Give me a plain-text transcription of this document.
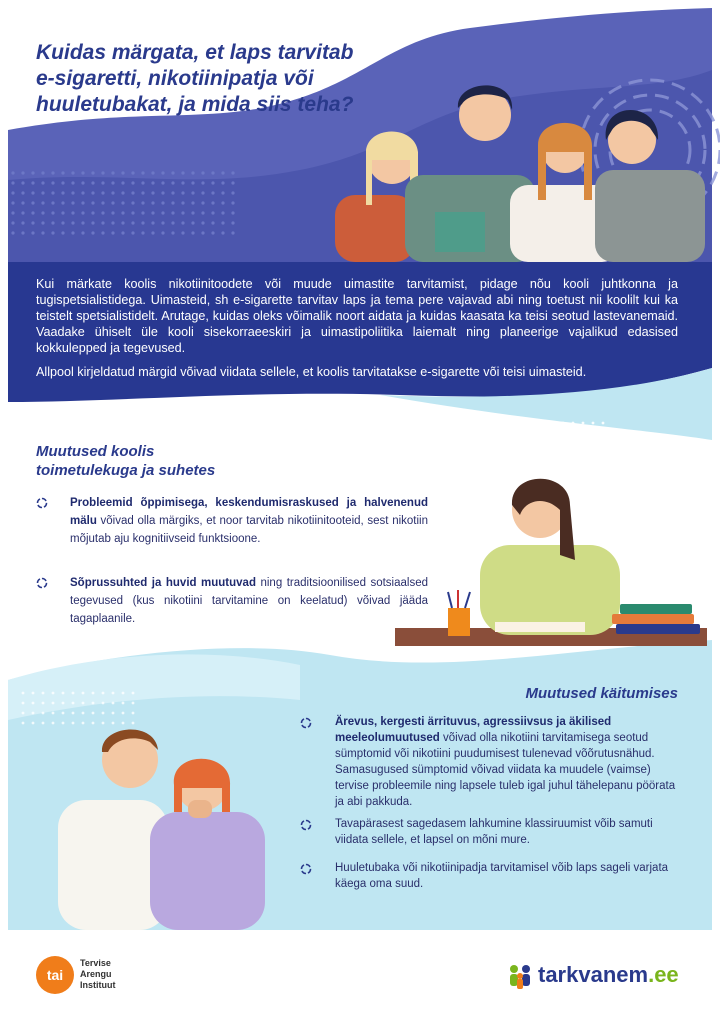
Kuidas märgata, et laps tarvitab
e-sigaretti, nikotiinipatja või
huuletubakat, ja mida siis teha?

Kui märkate koolis nikotiinitoodete või muude uimastite tarvitamist, pidage nõu kooli juhtkonna ja tugispetsialistidega. Uimasteid, sh e-sigarette tarvitav laps ja tema pere vajavad abi ning toetust nii koolilt kui ka teistelt spetsialistidelt. Arutage, kuidas oleks võimalik noort aidata ja kuidas kaasata ka teisi seotud lastevanemaid. Vaadake ühiselt üle kooli sisekorraeeskiri ja uimastipoliitika laiemalt ning planeerige vajalikud edasised kokkulepped ja tegevused.

Allpool kirjeldatud märgid võivad viidata sellele, et koolis tarvitatakse e-sigarette või teisi uimasteid.

Muutused koolis
toimetulekuga ja suhetes
Probleemid õppimisega, keskendumisraskused ja halvenenud mälu võivad olla märgiks, et noor tarvitab nikotiinitooteid, sest nikotiin mõjutab aju kognitiivseid funktsioone.
Sõprussuhted ja huvid muutuvad ning traditsioonilised sotsiaalsed tegevused (kus nikotiini tarvitamine on keelatud) võivad jääda tagaplaanile.
Muutused käitumises
Ärevus, kergesti ärrituvus, agressiivsus ja äkilised meeleolumuutused võivad olla nikotiini tarvitamisega seotud sümptomid või nikotiini puudumisest tulenevad võõrutusnähud. Samasugused sümptomid võivad viidata ka muudele (vaimse) tervise probleemile ning lapsele tuleb igal juhul tähelepanu pöörata ja abi pakkuda.
Tavapärasest sagedasem lahkumine klassiruumist võib samuti viidata sellele, et lapsel on mõni mure.
Huuletubaka või nikotiinipadja tarvitamisel võib laps sageli varjata käega oma suud.
tai
Tervise
Arengu
Instituut	tarkvanem.ee
